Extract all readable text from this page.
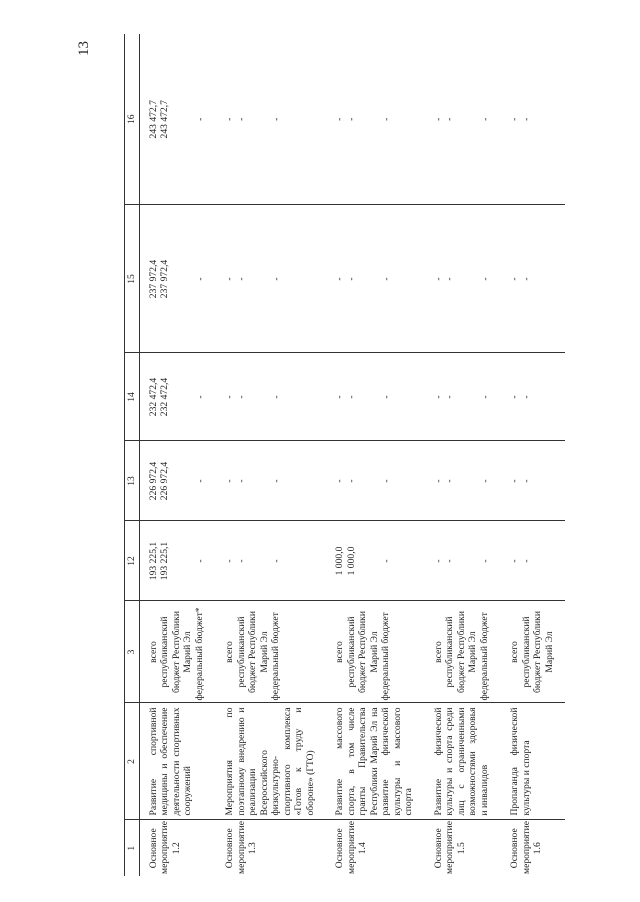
13
1	2	3	12	13	14	15	16
Основное мероприятие 1.2	Развитие спортивной медицины и обеспечение деятельности спортивных сооружений	всего республиканский бюджет Республики Марий Эл федеральный бюджет*	193 225,1 193 225,1 -	226 972,4 226 972,4 -	232 472,4 232 472,4 -	237 972,4 237 972,4 -	243 472,7 243 472,7 -

Основное мероприятие 1.3	Мероприятия по поэтапному внедрению и реализации Всероссийского физкультурно-спортивного комплекса «Готов к труду и обороне» (ГТО)	всего республиканский бюджет Республики Марий Эл федеральный бюджет	- - -	- - -	- - -	- - -	- - -

Основное мероприятие 1.4	Развитие массового спорта, в том числе гранты Правительства Республики Марий Эл на развитие физической культуры и массового спорта	всего республиканский бюджет Республики Марий Эл федеральный бюджет	1 000,0 1 000,0 -	- - -	- - -	- - -	- - -

Основное мероприятие 1.5	Развитие физической культуры и спорта среди лиц с ограниченными возможностями здоровья и инвалидов	всего республиканский бюджет Республики Марий Эл федеральный бюджет	- - -	- - -	- - -	- - -	- - -

Основное мероприятие 1.6	Пропаганда физической культуры и спорта	всего республиканский бюджет Республики Марий Эл	- -	- -	- -	- -	- -
